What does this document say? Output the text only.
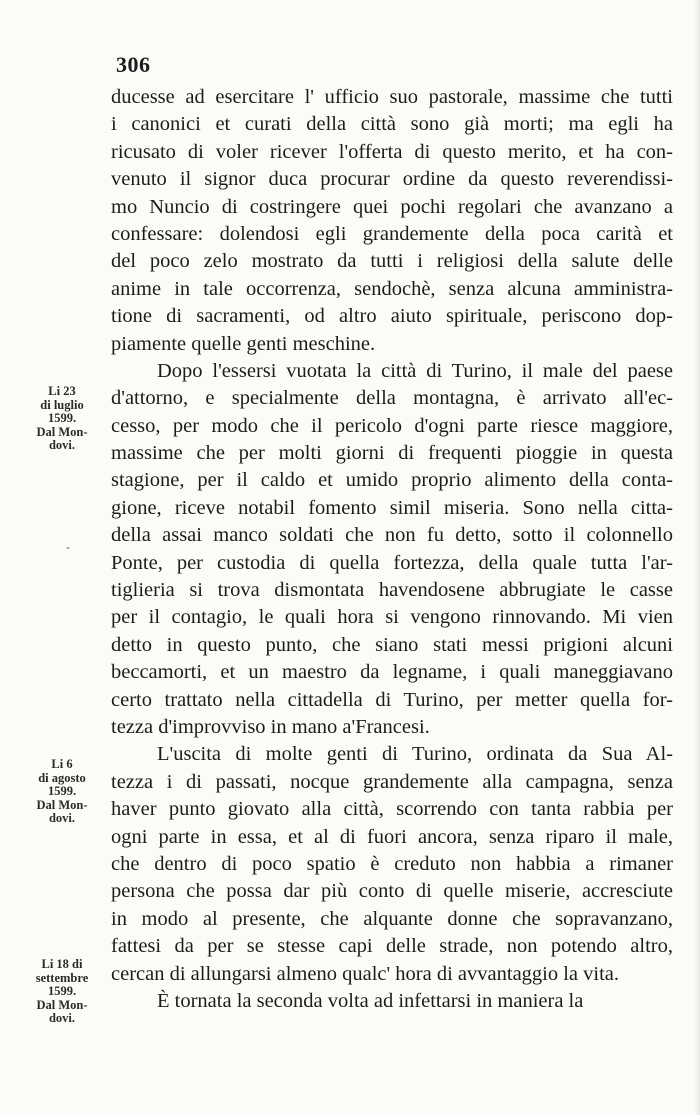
306
Li 23
di luglio
1599.
Dal Mon-
dovi.
-
Li 6
di agosto
1599.
Dal Mon-
dovi.
Li 18 di
settembre
1599.
Dal Mon-
dovi.
ducesse ad esercitare l' ufficio suo pastorale, massime che tutti
i canonici et curati della città sono già morti; ma egli ha
ricusato di voler ricever l'offerta di questo merito, et ha con-
venuto il signor duca procurar ordine da questo reverendissi-
mo Nuncio di costringere quei pochi regolari che avanzano a
confessare: dolendosi egli grandemente della poca carità et
del poco zelo mostrato da tutti i religiosi della salute delle
anime in tale occorrenza, sendochè, senza alcuna amministra-
tione di sacramenti, od altro aiuto spirituale, periscono dop-
piamente quelle genti meschine.
Dopo l'essersi vuotata la città di Turino, il male del paese
d'attorno, e specialmente della montagna, è arrivato all'ec-
cesso, per modo che il pericolo d'ogni parte riesce maggiore,
massime che per molti giorni di frequenti pioggie in questa
stagione, per il caldo et umido proprio alimento della conta-
gione, riceve notabil fomento simil miseria. Sono nella citta-
della assai manco soldati che non fu detto, sotto il colonnello
Ponte, per custodia di quella fortezza, della quale tutta l'ar-
tiglieria si trova dismontata havendosene abbrugiate le casse
per il contagio, le quali hora si vengono rinnovando. Mi vien
detto in questo punto, che siano stati messi prigioni alcuni
beccamorti, et un maestro da legname, i quali maneggiavano
certo trattato nella cittadella di Turino, per metter quella for-
tezza d'improvviso in mano a'Francesi.
L'uscita di molte genti di Turino, ordinata da Sua Al-
tezza i di passati, nocque grandemente alla campagna, senza
haver punto giovato alla città, scorrendo con tanta rabbia per
ogni parte in essa, et al di fuori ancora, senza riparo il male,
che dentro di poco spatio è creduto non habbia a rimaner
persona che possa dar più conto di quelle miserie, accresciute
in modo al presente, che alquante donne che sopravanzano,
fattesi da per se stesse capi delle strade, non potendo altro,
cercan di allungarsi almeno qualc' hora di avvantaggio la vita.
È tornata la seconda volta ad infettarsi in maniera la
